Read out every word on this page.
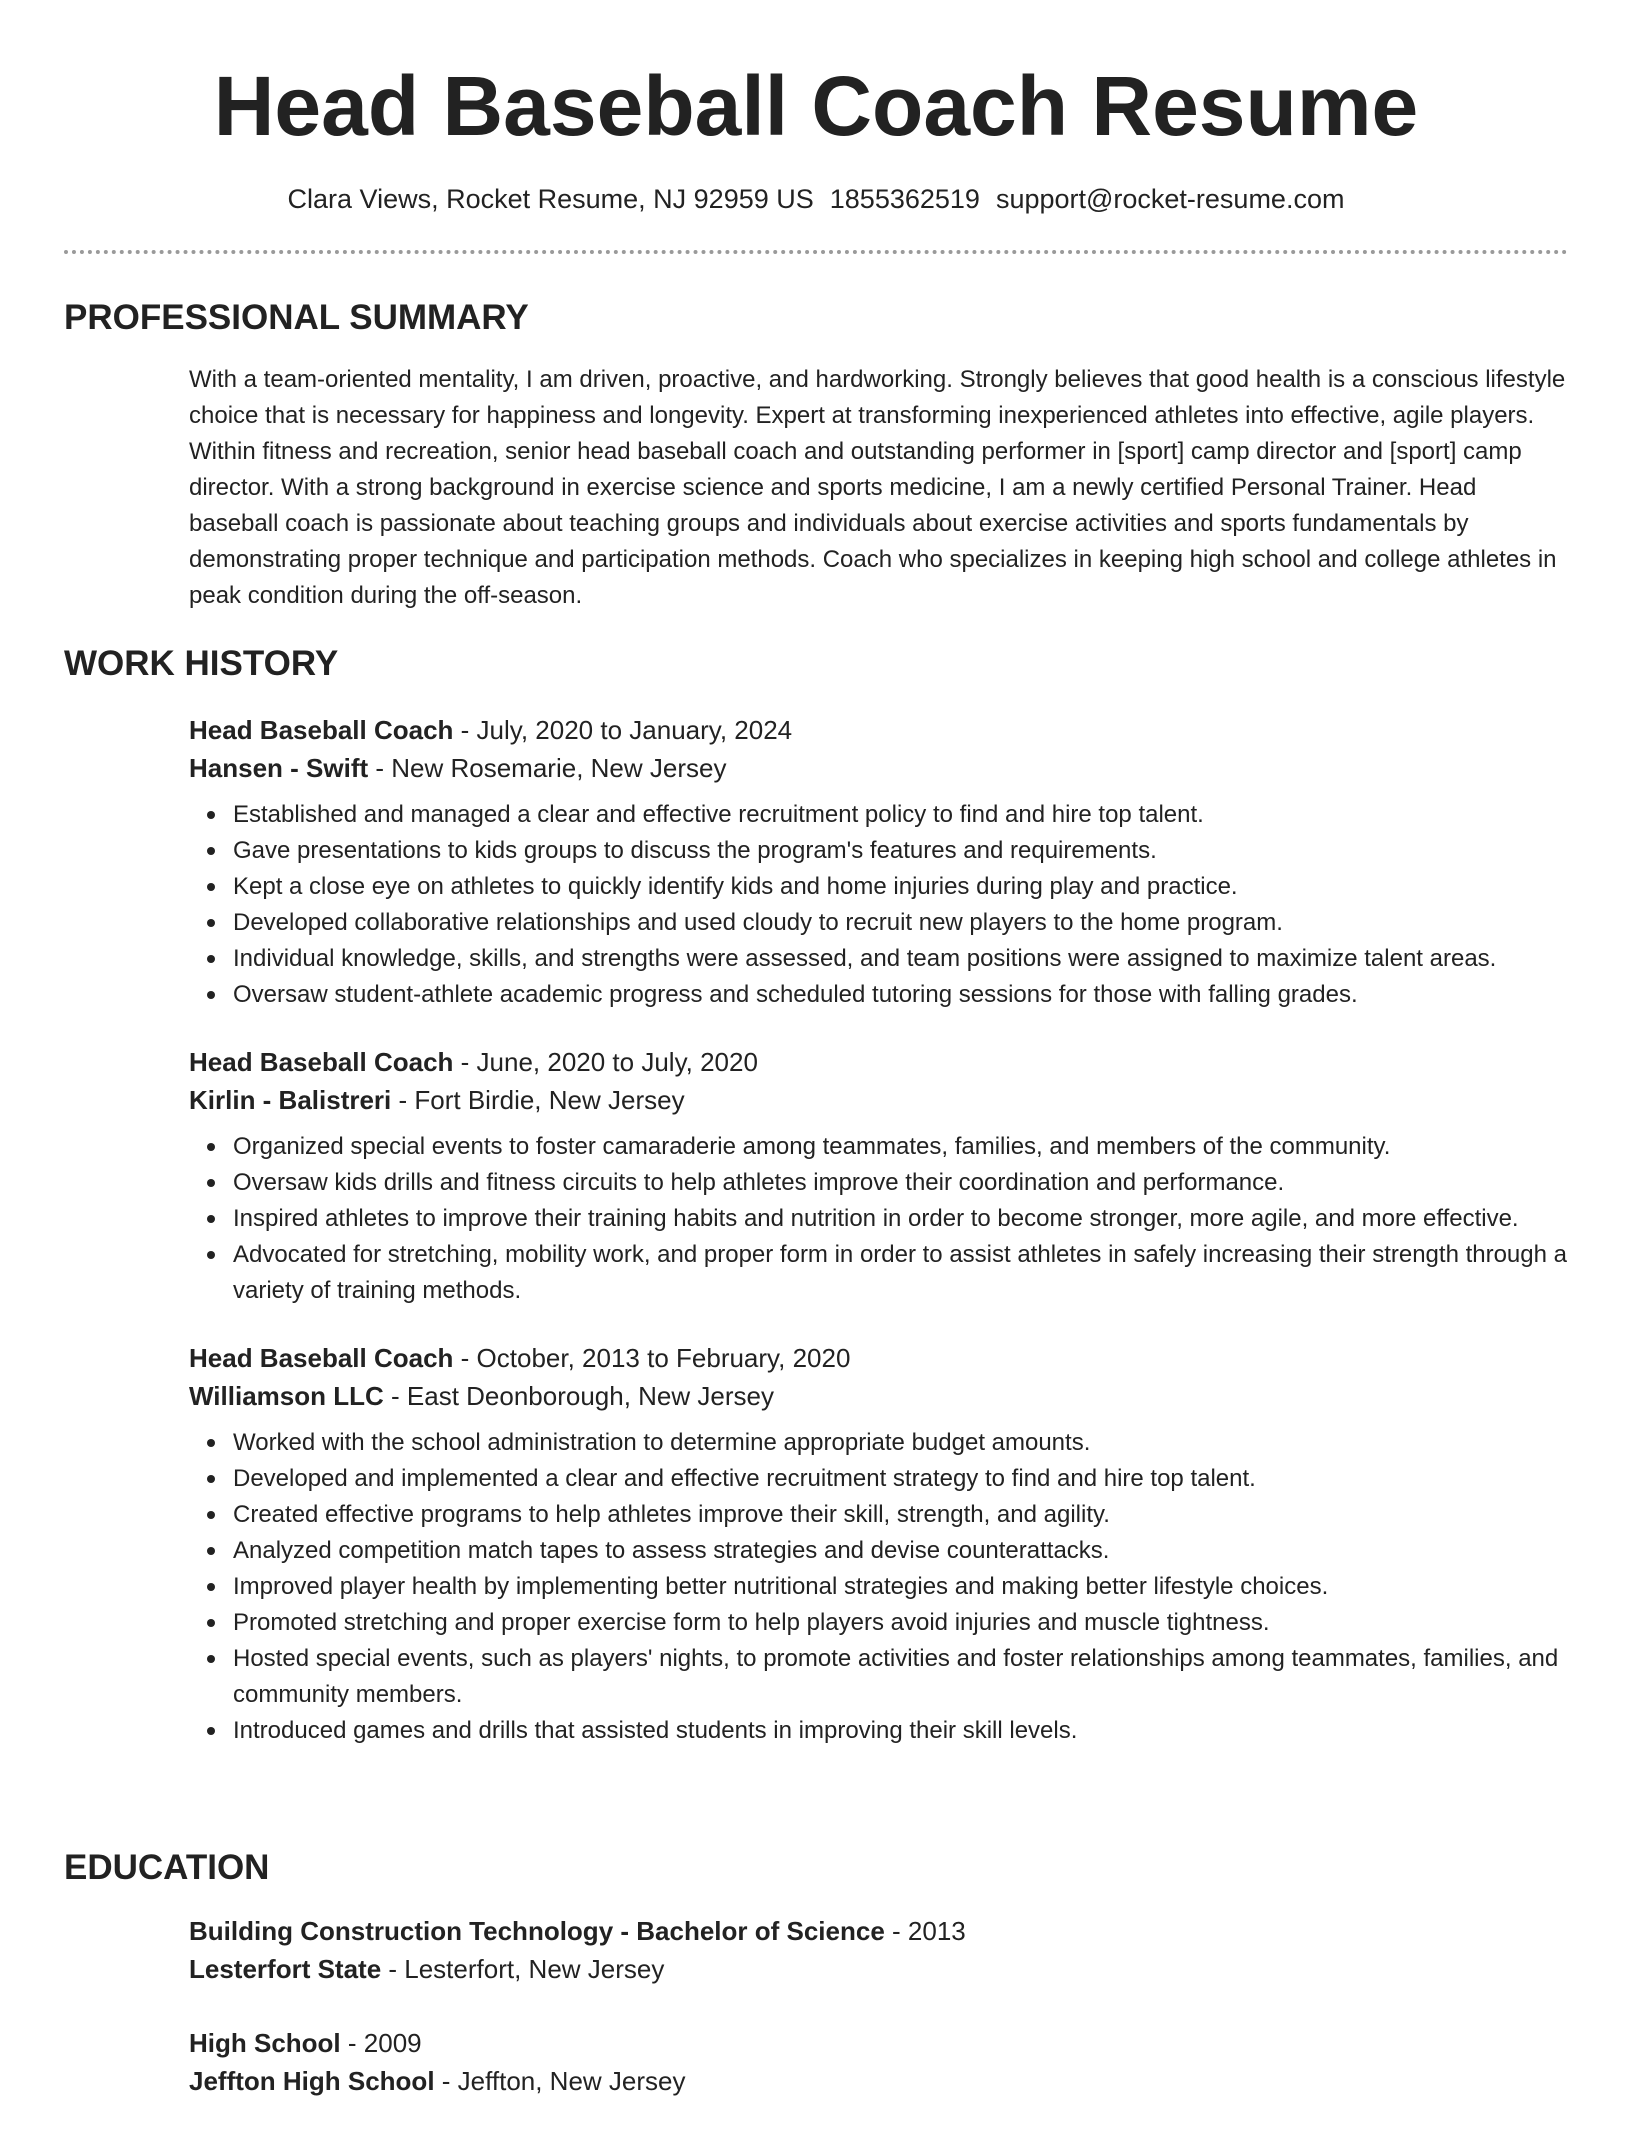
Head Baseball Coach Resume
Clara Views, Rocket Resume, NJ 92959 US 1855362519 support@rocket-resume.com
PROFESSIONAL SUMMARY

With a team-oriented mentality, I am driven, proactive, and hardworking. Strongly believes that good health is a conscious lifestyle choice that is necessary for happiness and longevity. Expert at transforming inexperienced athletes into effective, agile players. Within fitness and recreation, senior head baseball coach and outstanding performer in [sport] camp director and [sport] camp director. With a strong background in exercise science and sports medicine, I am a newly certified Personal Trainer. Head baseball coach is passionate about teaching groups and individuals about exercise activities and sports fundamentals by demonstrating proper technique and participation methods. Coach who specializes in keeping high school and college athletes in peak condition during the off-season.

WORK HISTORY

Head Baseball Coach - July, 2020 to January, 2024

Hansen - Swift - New Rosemarie, New Jersey

Established and managed a clear and effective recruitment policy to find and hire top talent.
Gave presentations to kids groups to discuss the program's features and requirements.
Kept a close eye on athletes to quickly identify kids and home injuries during play and practice.
Developed collaborative relationships and used cloudy to recruit new players to the home program.
Individual knowledge, skills, and strengths were assessed, and team positions were assigned to maximize talent areas.
Oversaw student-athlete academic progress and scheduled tutoring sessions for those with falling grades.

Head Baseball Coach - June, 2020 to July, 2020

Kirlin - Balistreri - Fort Birdie, New Jersey

Organized special events to foster camaraderie among teammates, families, and members of the community.
Oversaw kids drills and fitness circuits to help athletes improve their coordination and performance.
Inspired athletes to improve their training habits and nutrition in order to become stronger, more agile, and more effective.
Advocated for stretching, mobility work, and proper form in order to assist athletes in safely increasing their strength through a variety of training methods.

Head Baseball Coach - October, 2013 to February, 2020

Williamson LLC - East Deonborough, New Jersey

Worked with the school administration to determine appropriate budget amounts.
Developed and implemented a clear and effective recruitment strategy to find and hire top talent.
Created effective programs to help athletes improve their skill, strength, and agility.
Analyzed competition match tapes to assess strategies and devise counterattacks.
Improved player health by implementing better nutritional strategies and making better lifestyle choices.
Promoted stretching and proper exercise form to help players avoid injuries and muscle tightness.
Hosted special events, such as players' nights, to promote activities and foster relationships among teammates, families, and community members.
Introduced games and drills that assisted students in improving their skill levels.
EDUCATION

Building Construction Technology - Bachelor of Science - 2013

Lesterfort State - Lesterfort, New Jersey

High School - 2009

Jeffton High School - Jeffton, New Jersey
